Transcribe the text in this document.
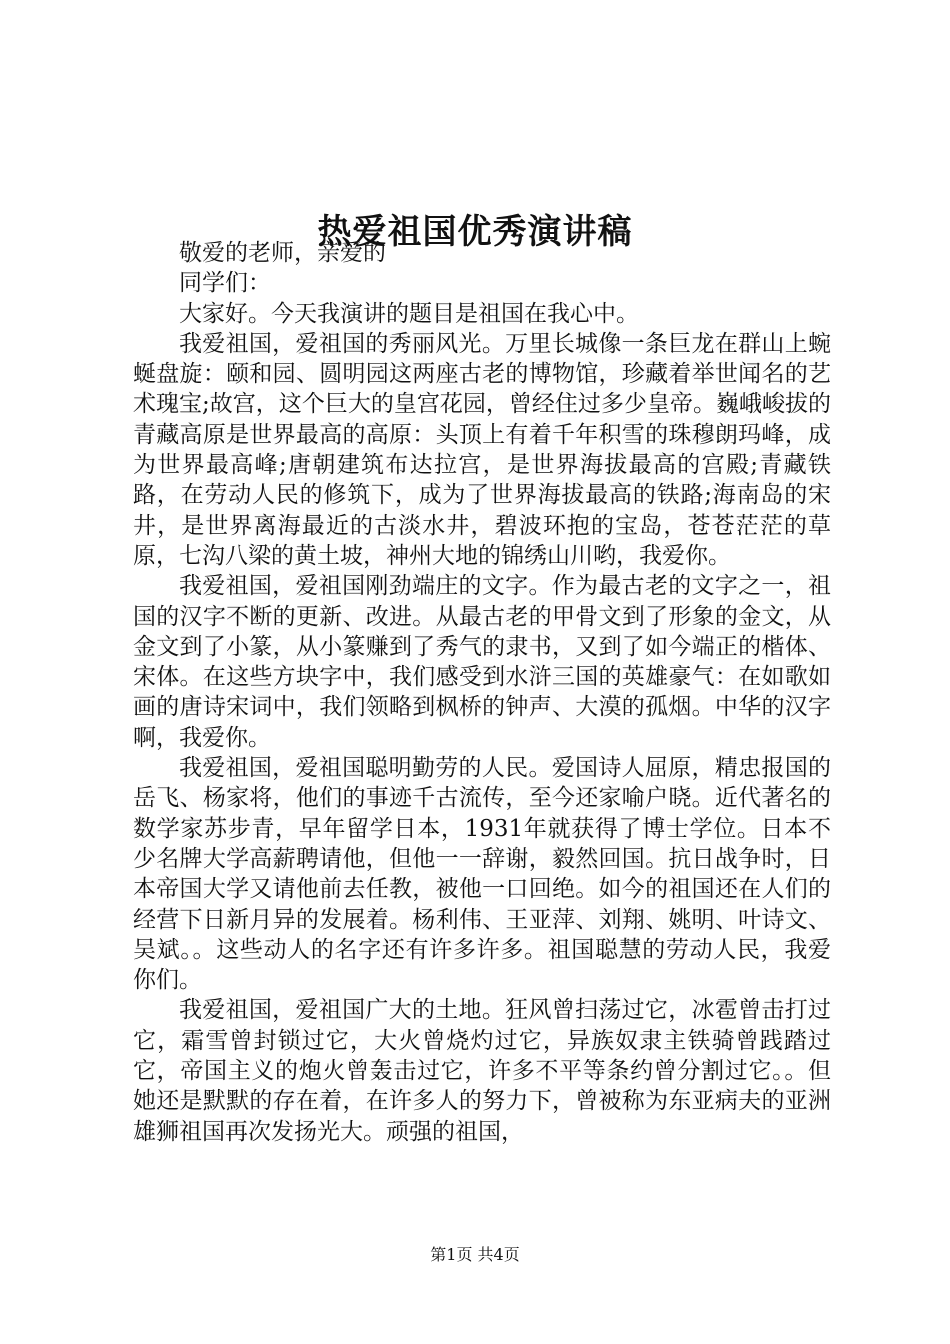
热爱祖国优秀演讲稿

敬爱的老师，亲爱的

同学们：

大家好。今天我演讲的题目是祖国在我心中。

我爱祖国，爱祖国的秀丽风光。万里长城像一条巨龙在群山上蜿蜒盘旋：颐和园、圆明园这两座古老的博物馆，珍藏着举世闻名的艺术瑰宝;故宫，这个巨大的皇宫花园，曾经住过多少皇帝。巍峨峻拔的青藏高原是世界最高的高原：头顶上有着千年积雪的珠穆朗玛峰，成为世界最高峰;唐朝建筑布达拉宫，是世界海拔最高的宫殿;青藏铁路，在劳动人民的修筑下，成为了世界海拔最高的铁路;海南岛的宋井，是世界离海最近的古淡水井，碧波环抱的宝岛，苍苍茫茫的草原，七沟八梁的黄土坡，神州大地的锦绣山川哟，我爱你。

我爱祖国，爱祖国刚劲端庄的文字。作为最古老的文字之一，祖国的汉字不断的更新、改进。从最古老的甲骨文到了形象的金文，从金文到了小篆，从小篆赚到了秀气的隶书，又到了如今端正的楷体、宋体。在这些方块字中，我们感受到水浒三国的英雄豪气：在如歌如画的唐诗宋词中，我们领略到枫桥的钟声、大漠的孤烟。中华的汉字啊，我爱你。

我爱祖国，爱祖国聪明勤劳的人民。爱国诗人屈原，精忠报国的岳飞、杨家将，他们的事迹千古流传，至今还家喻户晓。近代著名的数学家苏步青，早年留学日本，1931年就获得了博士学位。日本不少名牌大学高薪聘请他，但他一一辞谢，毅然回国。抗日战争时，日本帝国大学又请他前去任教，被他一口回绝。如今的祖国还在人们的经营下日新月异的发展着。杨利伟、王亚萍、刘翔、姚明、叶诗文、吴斌。。这些动人的名字还有许多许多。祖国聪慧的劳动人民，我爱你们。

我爱祖国，爱祖国广大的土地。狂风曾扫荡过它，冰雹曾击打过它，霜雪曾封锁过它，大火曾烧灼过它，异族奴隶主铁骑曾践踏过它，帝国主义的炮火曾轰击过它，许多不平等条约曾分割过它。。但她还是默默的存在着，在许多人的努力下，曾被称为东亚病夫的亚洲雄狮祖国再次发扬光大。顽强的祖国，

第1页 共4页
